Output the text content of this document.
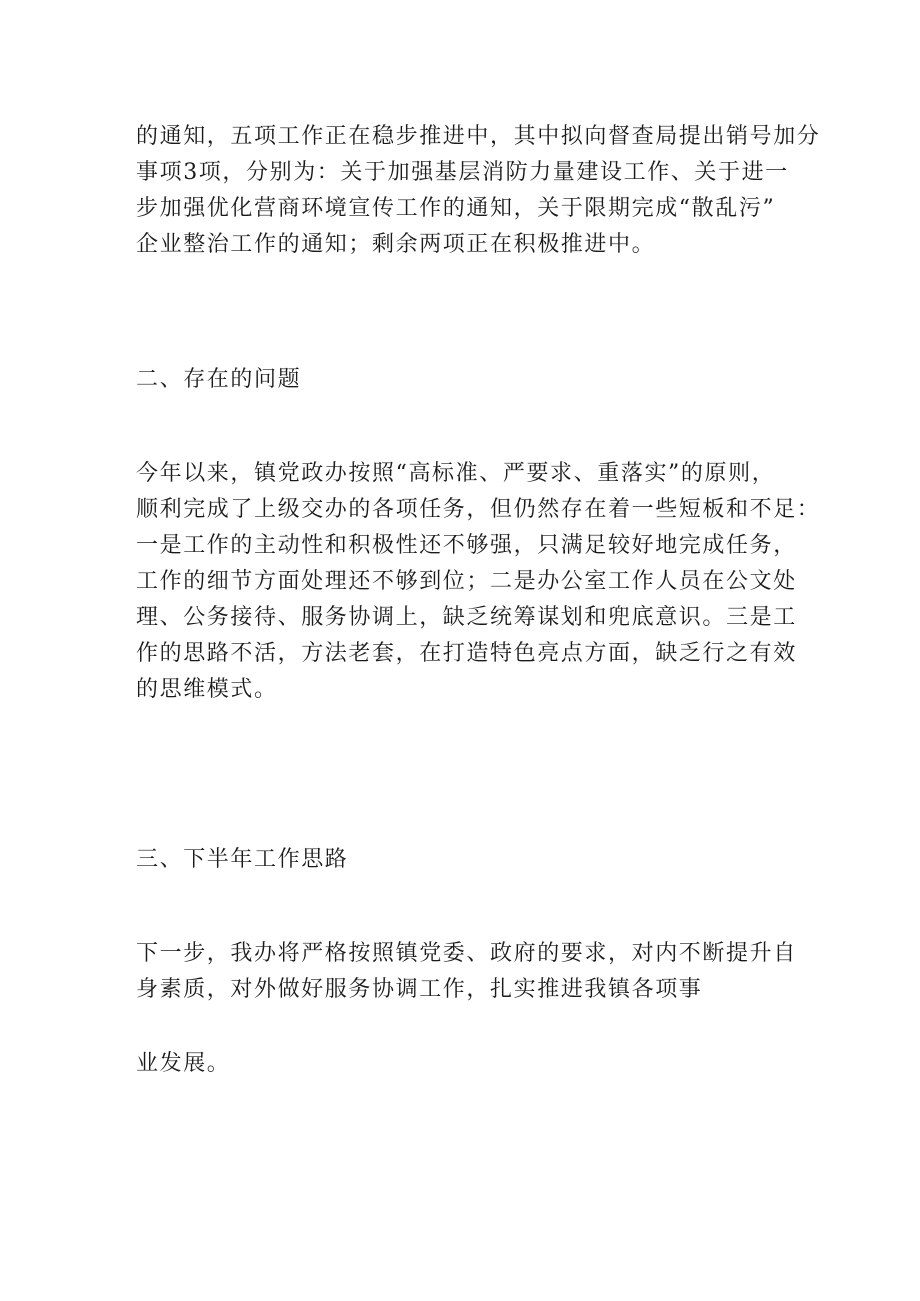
的通知，五项工作正在稳步推进中，其中拟向督查局提出销号加分
事项3项，分别为：关于加强基层消防力量建设工作、关于进一
步加强优化营商环境宣传工作的通知，关于限期完成“散乱污”
企业整治工作的通知；剩余两项正在积极推进中。

二、存在的问题

今年以来，镇党政办按照“高标准、严要求、重落实”的原则，
顺利完成了上级交办的各项任务，但仍然存在着一些短板和不足：
一是工作的主动性和积极性还不够强，只满足较好地完成任务，
工作的细节方面处理还不够到位；二是办公室工作人员在公文处
理、公务接待、服务协调上，缺乏统筹谋划和兜底意识。三是工
作的思路不活，方法老套，在打造特色亮点方面，缺乏行之有效
的思维模式。

三、下半年工作思路

下一步，我办将严格按照镇党委、政府的要求，对内不断提升自
身素质，对外做好服务协调工作，扎实推进我镇各项事

业发展。
